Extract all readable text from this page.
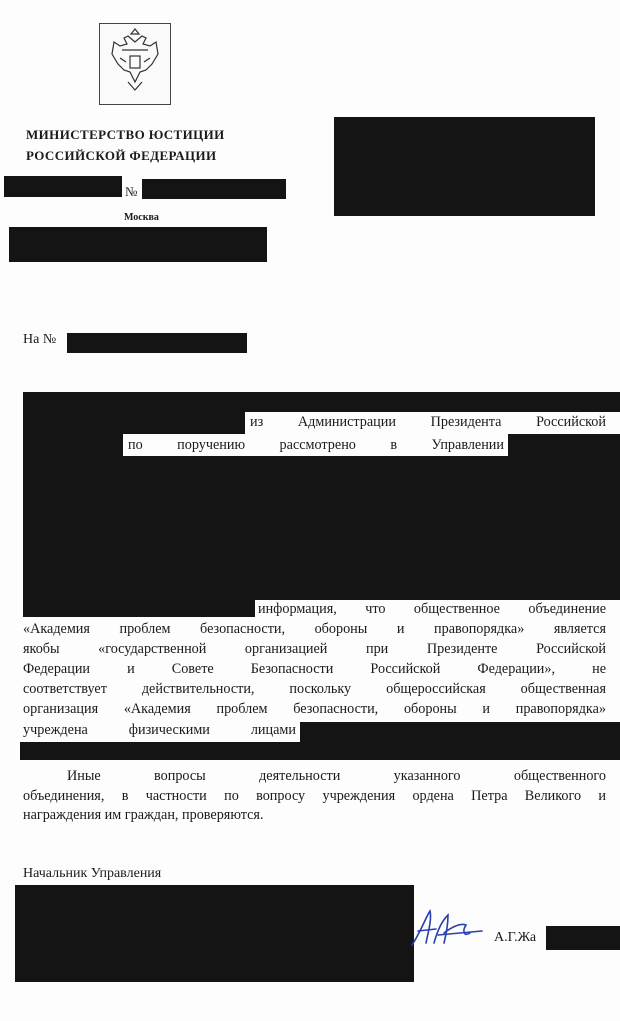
МИНИСТЕРСТВО ЮСТИЦИИ
РОССИЙСКОЙ ФЕДЕРАЦИИ
№
Москва
На №
из Администрации Президента Российской
по поручению рассмотрено в Управлении
информация, что общественное объединение
«Академия проблем безопасности, обороны и правопорядка» является
якобы «государственной организацией при Президенте Российской
Федерации и Совете Безопасности Российской Федерации», не
соответствует действительности, поскольку общероссийская общественная
организация «Академия проблем безопасности, обороны и правопорядка»
учреждена физическими лицами
Иные вопросы деятельности указанного общественного
объединения, в частности по вопросу учреждения ордена Петра Великого и
награждения им граждан, проверяются.
Начальник Управления
А.Г.Жа
